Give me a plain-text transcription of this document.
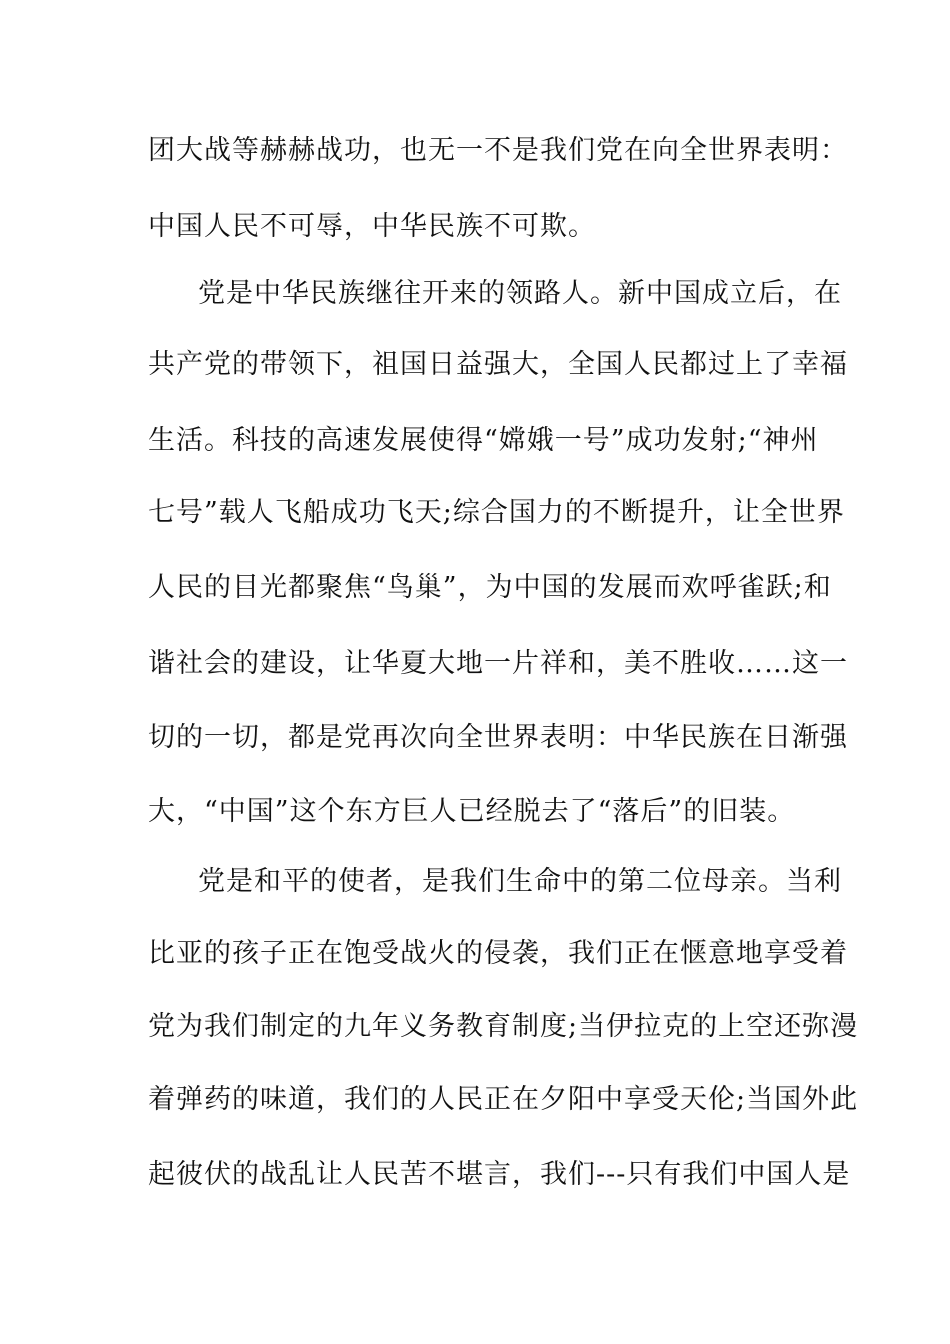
团大战等赫赫战功，也无一不是我们党在向全世界表明：
中国人民不可辱，中华民族不可欺。
党是中华民族继往开来的领路人。新中国成立后，在
共产党的带领下，祖国日益强大，全国人民都过上了幸福
生活。科技的高速发展使得“嫦娥一号”成功发射;“神州
七号”载人飞船成功飞天;综合国力的不断提升，让全世界
人民的目光都聚焦“鸟巢”，为中国的发展而欢呼雀跃;和
谐社会的建设，让华夏大地一片祥和，美不胜收……这一
切的一切，都是党再次向全世界表明：中华民族在日渐强
大，“中国”这个东方巨人已经脱去了“落后”的旧装。
党是和平的使者，是我们生命中的第二位母亲。当利
比亚的孩子正在饱受战火的侵袭，我们正在惬意地享受着
党为我们制定的九年义务教育制度;当伊拉克的上空还弥漫
着弹药的味道，我们的人民正在夕阳中享受天伦;当国外此
起彼伏的战乱让人民苦不堪言，我们---只有我们中国人是
